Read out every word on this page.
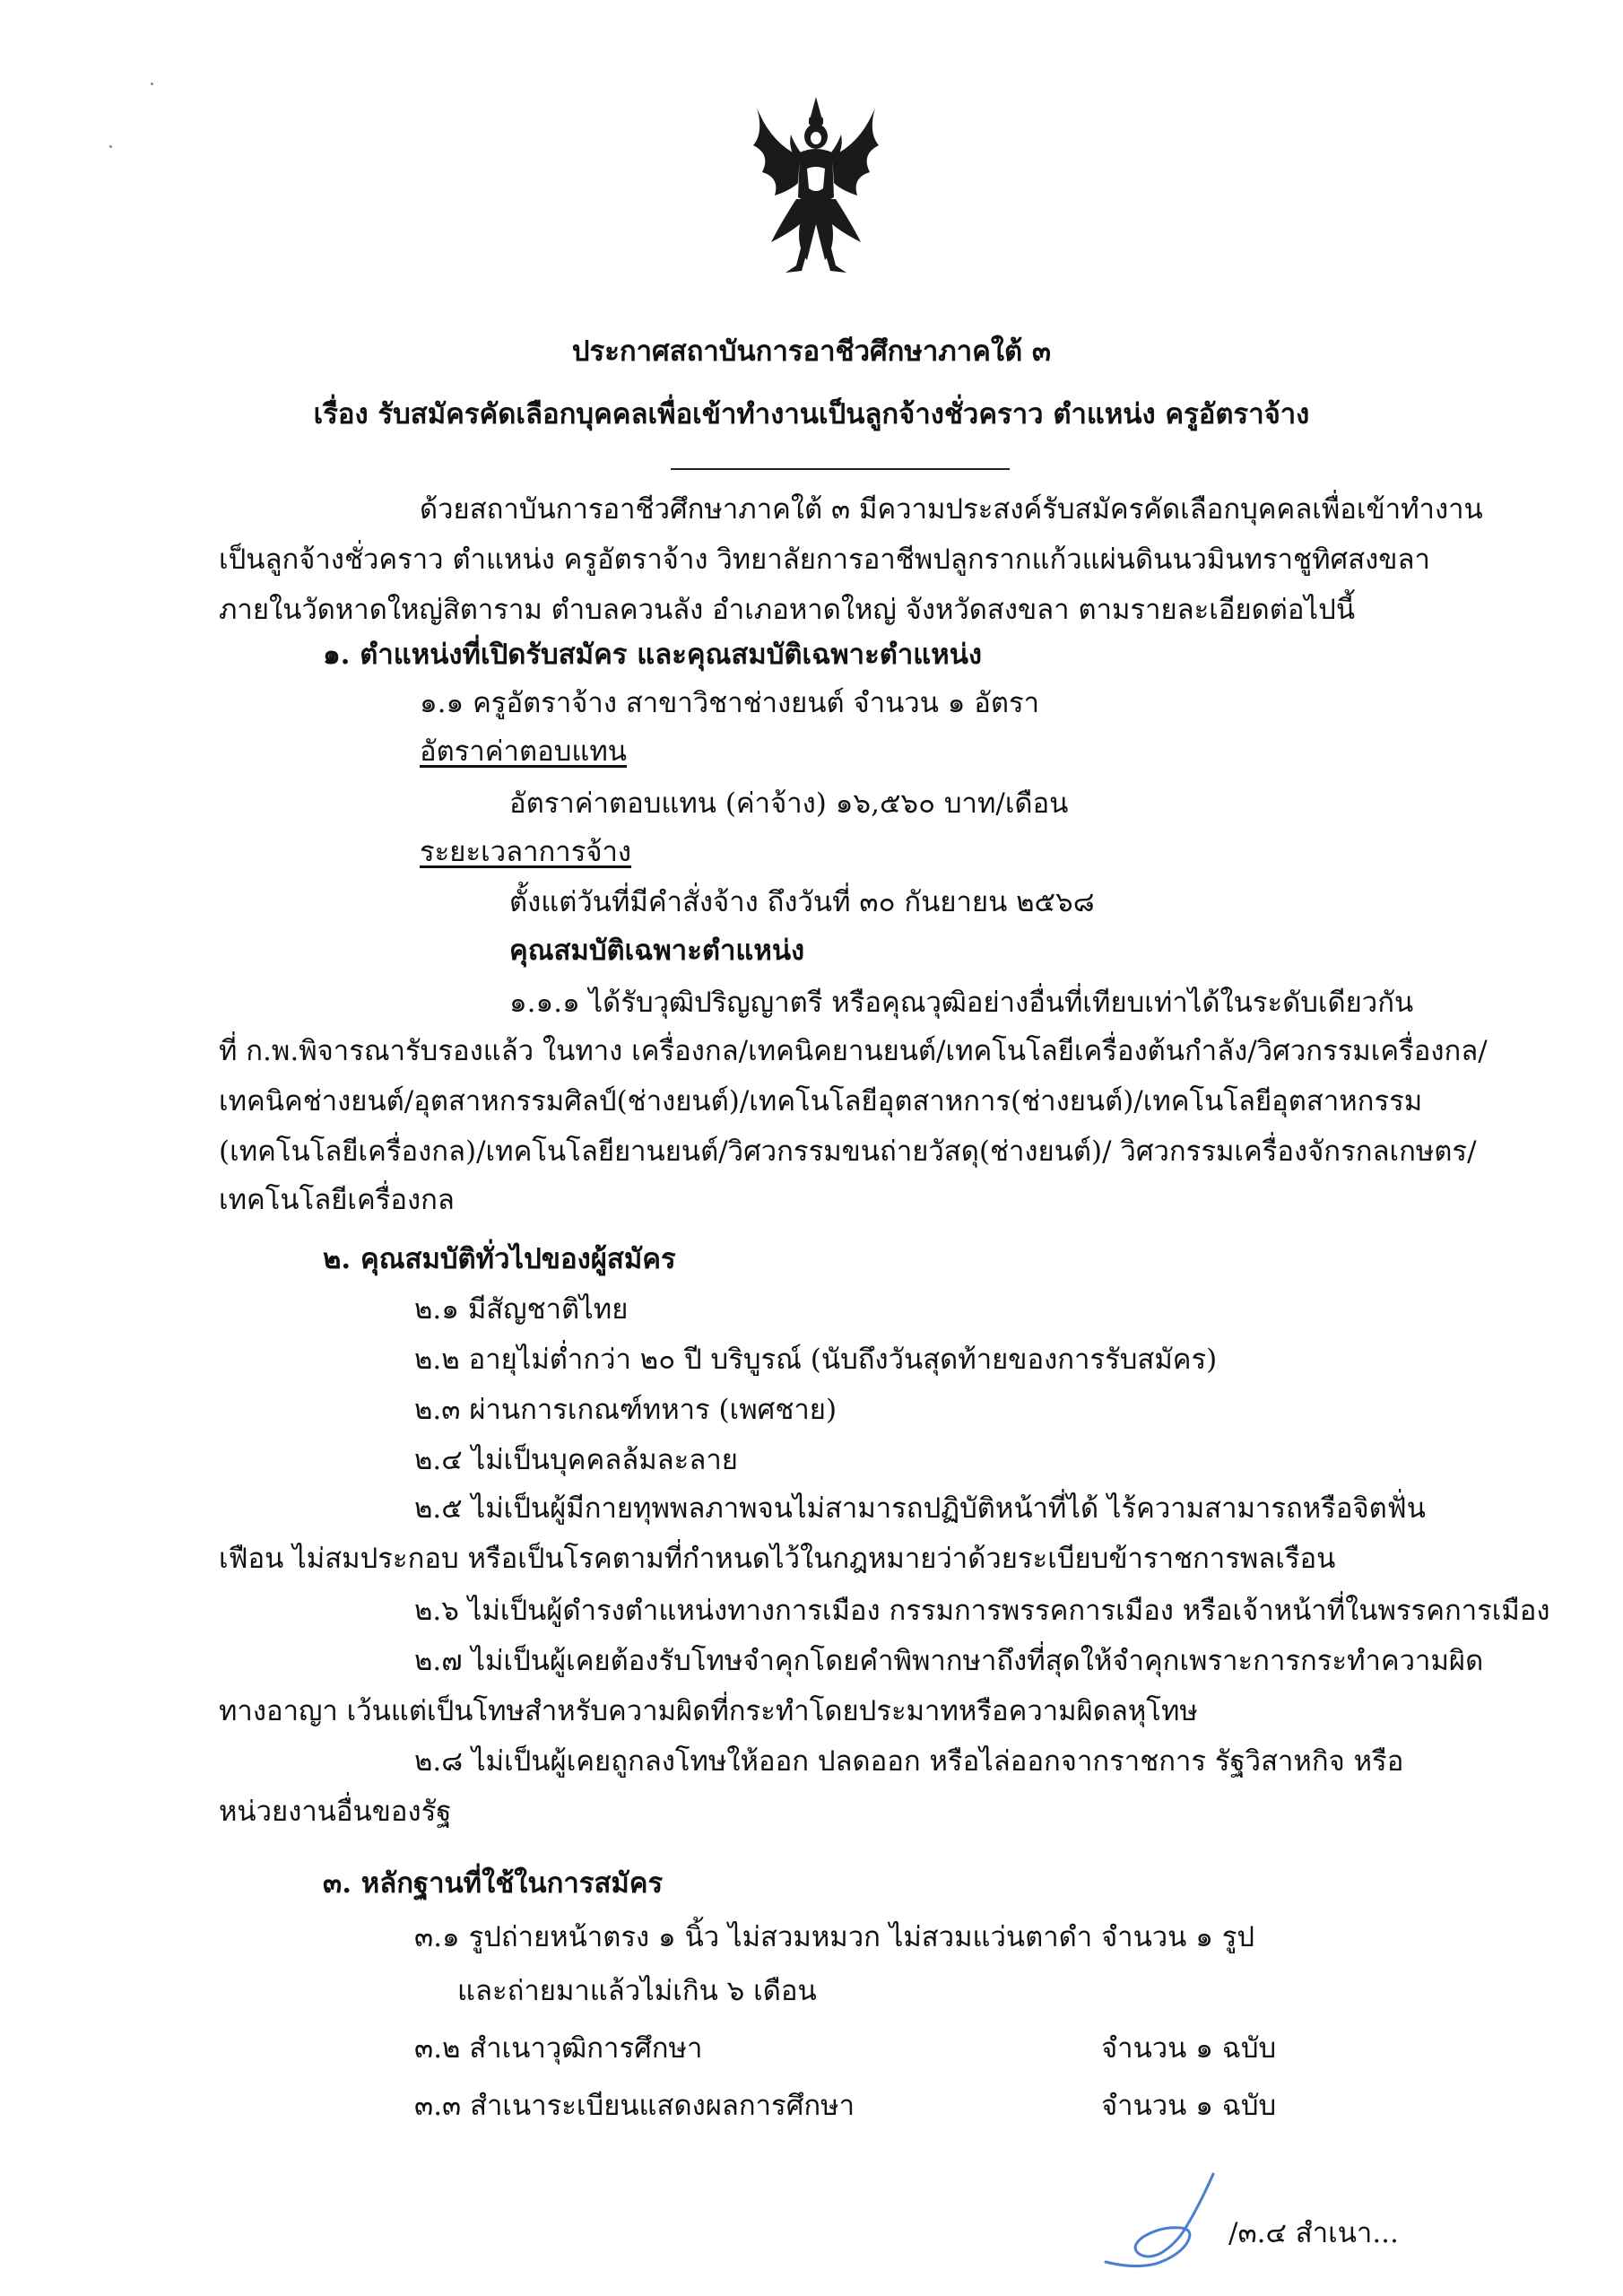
ประกาศสถาบันการอาชีวศึกษาภาคใต้ ๓
เรื่อง รับสมัครคัดเลือกบุคคลเพื่อเข้าทำงานเป็นลูกจ้างชั่วคราว ตำแหน่ง ครูอัตราจ้าง
ด้วยสถาบันการอาชีวศึกษาภาคใต้ ๓ มีความประสงค์รับสมัครคัดเลือกบุคคลเพื่อเข้าทำงาน
เป็นลูกจ้างชั่วคราว ตำแหน่ง ครูอัตราจ้าง วิทยาลัยการอาชีพปลูกรากแก้วแผ่นดินนวมินทราชูทิศสงขลา
ภายในวัดหาดใหญ่สิตาราม ตำบลควนลัง อำเภอหาดใหญ่ จังหวัดสงขลา ตามรายละเอียดต่อไปนี้
๑. ตำแหน่งที่เปิดรับสมัคร และคุณสมบัติเฉพาะตำแหน่ง
๑.๑ ครูอัตราจ้าง สาขาวิชาช่างยนต์ จำนวน ๑ อัตรา
อัตราค่าตอบแทน
อัตราค่าตอบแทน (ค่าจ้าง) ๑๖,๕๖๐ บาท/เดือน
ระยะเวลาการจ้าง
ตั้งแต่วันที่มีคำสั่งจ้าง ถึงวันที่ ๓๐ กันยายน ๒๕๖๘
คุณสมบัติเฉพาะตำแหน่ง
๑.๑.๑ ได้รับวุฒิปริญญาตรี หรือคุณวุฒิอย่างอื่นที่เทียบเท่าได้ในระดับเดียวกัน
ที่ ก.พ.พิจารณารับรองแล้ว ในทาง เครื่องกล/เทคนิคยานยนต์/เทคโนโลยีเครื่องต้นกำลัง/วิศวกรรมเครื่องกล/
เทคนิคช่างยนต์/อุตสาหกรรมศิลป์(ช่างยนต์)/เทคโนโลยีอุตสาหการ(ช่างยนต์)/เทคโนโลยีอุตสาหกรรม
(เทคโนโลยีเครื่องกล)/เทคโนโลยียานยนต์/วิศวกรรมขนถ่ายวัสดุ(ช่างยนต์)/ วิศวกรรมเครื่องจักรกลเกษตร/
เทคโนโลยีเครื่องกล
๒. คุณสมบัติทั่วไปของผู้สมัคร
๒.๑ มีสัญชาติไทย
๒.๒ อายุไม่ต่ำกว่า ๒๐ ปี บริบูรณ์ (นับถึงวันสุดท้ายของการรับสมัคร)
๒.๓ ผ่านการเกณฑ์ทหาร (เพศชาย)
๒.๔ ไม่เป็นบุคคลล้มละลาย
๒.๕ ไม่เป็นผู้มีกายทุพพลภาพจนไม่สามารถปฏิบัติหน้าที่ได้ ไร้ความสามารถหรือจิตฟั่น
เฟือน ไม่สมประกอบ หรือเป็นโรคตามที่กำหนดไว้ในกฎหมายว่าด้วยระเบียบข้าราชการพลเรือน
๒.๖ ไม่เป็นผู้ดำรงตำแหน่งทางการเมือง กรรมการพรรคการเมือง หรือเจ้าหน้าที่ในพรรคการเมือง
๒.๗ ไม่เป็นผู้เคยต้องรับโทษจำคุกโดยคำพิพากษาถึงที่สุดให้จำคุกเพราะการกระทำความผิด
ทางอาญา เว้นแต่เป็นโทษสำหรับความผิดที่กระทำโดยประมาทหรือความผิดลหุโทษ
๒.๘ ไม่เป็นผู้เคยถูกลงโทษให้ออก ปลดออก หรือไล่ออกจากราชการ รัฐวิสาหกิจ หรือ
หน่วยงานอื่นของรัฐ
๓. หลักฐานที่ใช้ในการสมัคร
๓.๑ รูปถ่ายหน้าตรง ๑ นิ้ว ไม่สวมหมวก ไม่สวมแว่นตาดำ จำนวน ๑ รูป
และถ่ายมาแล้วไม่เกิน ๖ เดือน
๓.๒ สำเนาวุฒิการศึกษา	จำนวน ๑ ฉบับ
๓.๓ สำเนาระเบียนแสดงผลการศึกษา	จำนวน ๑ ฉบับ
/๓.๔ สำเนา...
